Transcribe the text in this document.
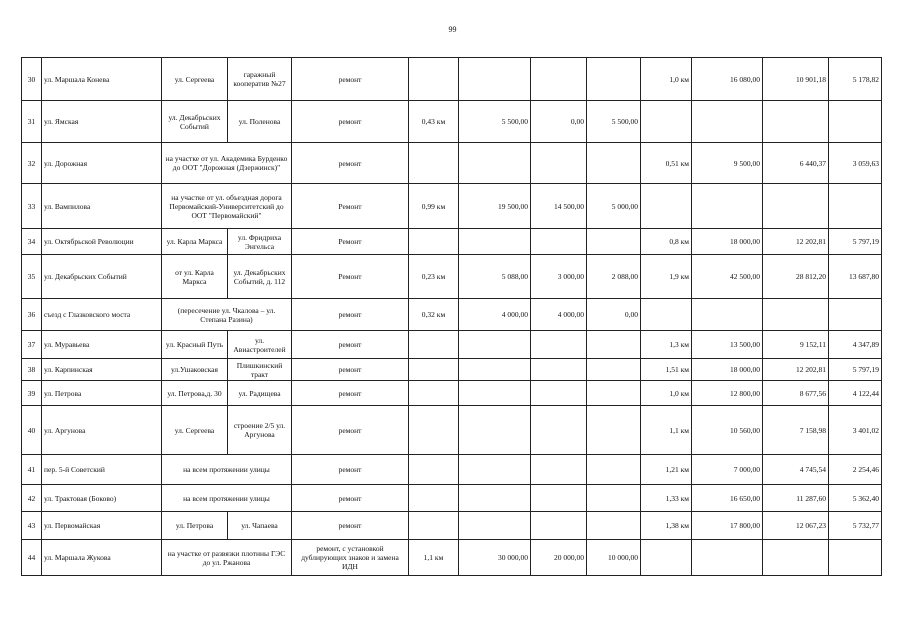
99
30	ул. Маршала Конева	ул. Сергеева	гаражный кооператив №27	ремонт					1,0 км	16 080,00	10 901,18	5 178,82
31	ул. Ямская	ул. Декабрьских Событий	ул. Поленова	ремонт	0,43 км	5 500,00	0,00	5 500,00				
32	ул. Дорожная	на участке от ул. Академика Бурденко до ООТ "Дорожная (Дзержинск)"		ремонт					0,51 км	9 500,00	6 440,37	3 059,63
33	ул. Вампилова	на участке от ул. объездная дорога Первомайский-Университетский до ООТ "Первомайский"		Ремонт	0,99 км	19 500,00	14 500,00	5 000,00				
34	ул. Октябрьской Революции	ул. Карла Маркса	ул. Фридриха Энгельса	Ремонт					0,8 км	18 000,00	12 202,81	5 797,19
35	ул. Декабрьских Событий	от ул. Карла Маркса	ул. Декабрьских Событий, д. 112	Ремонт	0,23 км	5 088,00	3 000,00	2 088,00	1,9 км	42 500,00	28 812,20	13 687,80
36	съезд с Глазковского моста	(пересечение ул. Чкалова – ул. Степана Разина)		ремонт	0,32 км	4 000,00	4 000,00	0,00				
37	ул. Муравьева	ул. Красный Путь	ул. Авиастроителей	ремонт					1,3 км	13 500,00	9 152,11	4 347,89
38	ул. Карпинская	ул.Ушаковская	Плишкинский тракт	ремонт					1,51 км	18 000,00	12 202,81	5 797,19
39	ул. Петрова	ул. Петрова,д. 30	ул. Радищева	ремонт					1,0 км	12 800,00	8 677,56	4 122,44
40	ул. Аргунова	ул. Сергеева	строение 2/5 ул. Аргунова	ремонт					1,1 км	10 560,00	7 158,98	3 401,02
41	пер. 5-й Советский	на всем протяжении улицы		ремонт					1,21 км	7 000,00	4 745,54	2 254,46
42	ул. Трактовая (Боково)	на всем протяжении улицы		ремонт					1,33 км	16 650,00	11 287,60	5 362,40
43	ул. Первомайская	ул. Петрова	ул. Чапаева	ремонт					1,38 км	17 800,00	12 067,23	5 732,77
44	ул. Маршала Жукова	на участке от развязки плотины ГЭС до ул. Ржанова		ремонт, с установкой дублирующих знаков и замена ИДН	1,1 км	30 000,00	20 000,00	10 000,00				
